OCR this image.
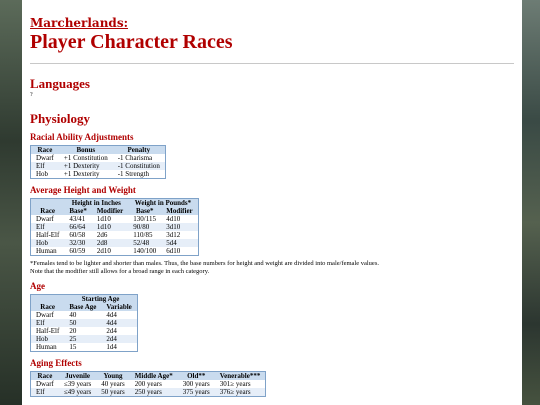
Marcherlands:
Player Character Races
Languages
?
Physiology
Racial Ability Adjustments
Race	Bonus	Penalty
Dwarf	+1 Constitution	-1 Charisma
Elf	+1 Dexterity	-1 Constitution
Hob	+1 Dexterity	-1 Strength
Average Height and Weight
	Height in Inches		Weight in Pounds*	
Race	Base*	Modifier	Base*	Modifier
Dwarf	43/41	1d10	130/115	4d10
Elf	66/64	1d10	90/80	3d10
Half-Elf	60/58	2d6	110/85	3d12
Hob	32/30	2d8	52/48	5d4
Human	60/59	2d10	140/100	6d10
*Females tend to be lighter and shorter than males. Thus, the base numbers for height and weight are divided into male/female values.
Note that the modifier still allows for a broad range in each category.
Age
	Starting Age	
Race	Base Age	Variable
Dwarf	40	4d4
Elf	50	4d4
Half-Elf	20	2d4
Hob	25	2d4
Human	15	1d4
Aging Effects
Race	Juvenile	Young	Middle Age*	Old**	Venerable***
Dwarf	≤39 years	40 years	200 years	300 years	301≥ years
Elf	≤49 years	50 years	250 years	375 years	376≥ years
